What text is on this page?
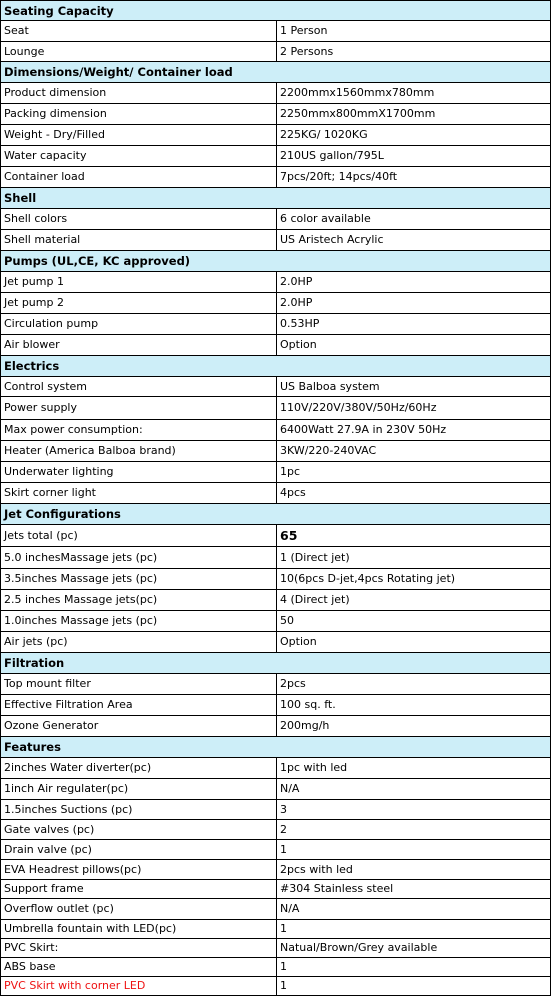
Seating Capacity	
Seat	1 Person
Lounge	2 Persons
Dimensions/Weight/ Container load	
Product dimension	2200mmx1560mmx780mm
Packing dimension	2250mmx800mmX1700mm
Weight - Dry/Filled	225KG/ 1020KG
Water capacity	210US gallon/795L
Container load	7pcs/20ft; 14pcs/40ft
Shell	
Shell colors	6 color available
Shell material	US Aristech Acrylic
Pumps (UL,CE, KC approved)	
Jet pump 1	2.0HP
Jet pump 2	2.0HP
Circulation pump	0.53HP
Air blower	Option
Electrics	
Control system	US Balboa system
Power supply	110V/220V/380V/50Hz/60Hz
Max power consumption:	6400Watt 27.9A in 230V 50Hz
Heater (America Balboa brand)	3KW/220-240VAC
Underwater lighting	1pc
Skirt corner light	4pcs
Jet Configurations	
Jets total (pc)	65
5.0 inchesMassage jets (pc)	1 (Direct jet)
3.5inches Massage jets (pc)	10(6pcs D-jet,4pcs Rotating jet)
2.5 inches Massage jets(pc)	4 (Direct jet)
1.0inches Massage jets (pc)	50
Air jets (pc)	Option
Filtration	
Top mount filter	2pcs
Effective Filtration Area	100 sq. ft.
Ozone Generator	200mg/h
Features	
2inches Water diverter(pc)	1pc with led
1inch Air regulater(pc)	N/A
1.5inches Suctions (pc)	3
Gate valves (pc)	2
Drain valve (pc)	1
EVA Headrest pillows(pc)	2pcs with led
Support frame	#304 Stainless steel
Overflow outlet (pc)	N/A
Umbrella fountain with LED(pc)	1
PVC Skirt:	Natual/Brown/Grey available
ABS base	1
PVC Skirt with corner LED	1
